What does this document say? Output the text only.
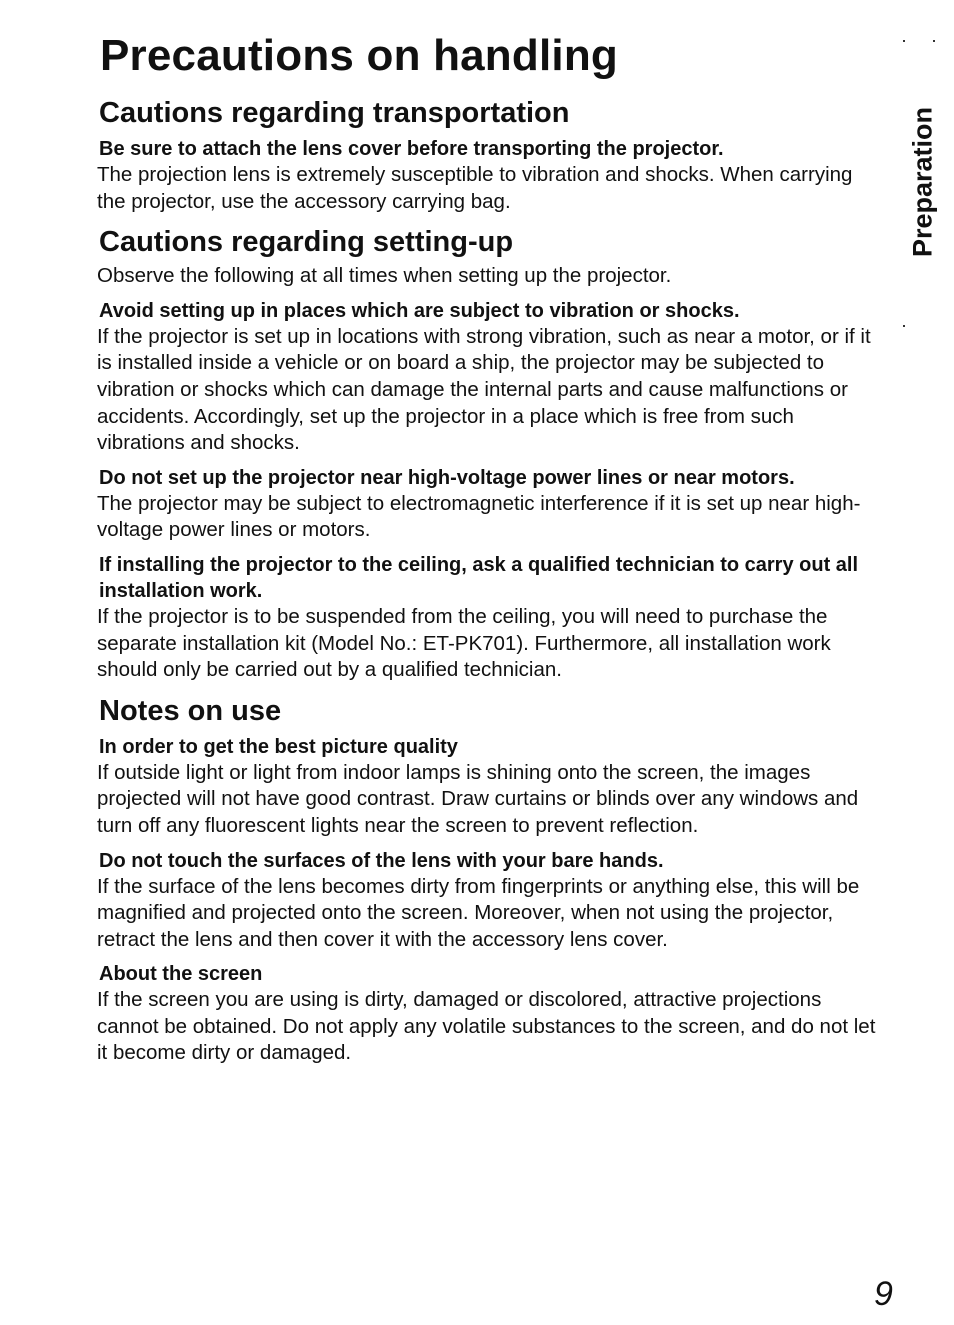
Precautions on handling
Cautions regarding transportation
Be sure to attach the lens cover before transporting the projector.
The projection lens is extremely susceptible to vibration and shocks. When carrying the projector, use the accessory carrying bag.
Cautions regarding setting-up
Observe the following at all times when setting up the projector.
Avoid setting up in places which are subject to vibration or shocks.
If the projector is set up in locations with strong vibration, such as near a motor, or if it is installed inside a vehicle or on board a ship, the projector may be subjected to vibration or shocks which can damage the internal parts and cause malfunctions or accidents. Accordingly, set up the projector in a place which is free from such vibrations and shocks.
Do not set up the projector near high-voltage power lines or near motors.
The projector may be subject to electromagnetic interference if it is set up near high-voltage power lines or motors.
If installing the projector to the ceiling, ask a qualified technician to carry out all installation work.
If the projector is to be suspended from the ceiling, you will need to purchase the separate installation kit (Model No.: ET-PK701). Furthermore, all installation work should only be carried out by a qualified technician.
Notes on use
In order to get the best picture quality
If outside light or light from indoor lamps is shining onto the screen, the images projected will not have good contrast. Draw curtains or blinds over any windows and turn off any fluorescent lights near the screen to prevent reflection.
Do not touch the surfaces of the lens with your bare hands.
If the surface of the lens becomes dirty from fingerprints or anything else, this will be magnified and projected onto the screen. Moreover, when not using the projector, retract the lens and then cover it with the accessory lens cover.
About the screen
If the screen you are using is dirty, damaged or discolored, attractive projections cannot be obtained. Do not apply any volatile substances to the screen, and do not let it become dirty or damaged.
Preparation
9
